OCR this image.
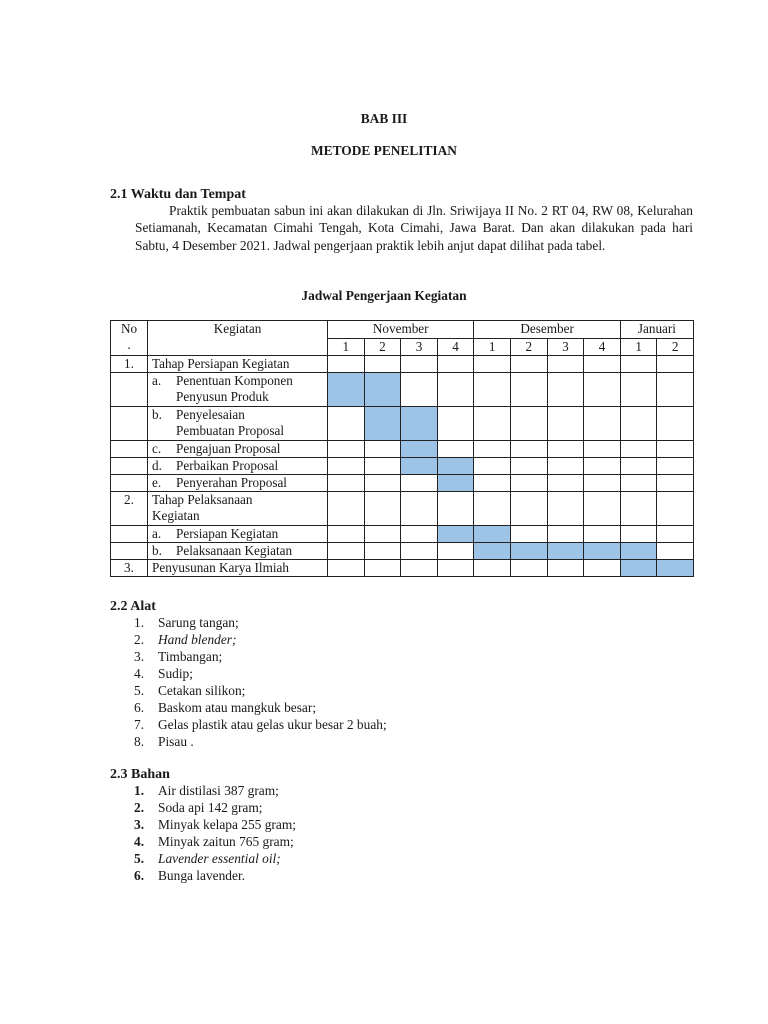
BAB III
METODE PENELITIAN
2.1 Waktu dan Tempat
Praktik pembuatan sabun ini akan dilakukan di Jln. Sriwijaya II No. 2 RT 04, RW 08, Kelurahan Setiamanah, Kecamatan Cimahi Tengah, Kota Cimahi, Jawa Barat. Dan akan dilakukan pada hari Sabtu, 4 Desember 2021. Jadwal pengerjaan praktik lebih anjut dapat dilihat pada tabel.
Jadwal Pengerjaan Kegiatan
No
.	Kegiatan	November				Desember				Januari	
		1	2	3	4	1	2	3	4	1	2
1.	Tahap Persiapan Kegiatan										

	a. Penentuan Komponen
Penyusun Produk										

	b. Penyelesaian
Pembuatan Proposal										

	c. Pengajuan Proposal										

	d. Perbaikan Proposal										

	e. Penyerahan Proposal										

2.	Tahap Pelaksanaan
Kegiatan										

	a. Persiapan Kegiatan										

	b. Pelaksanaan Kegiatan										

3.	Penyusunan Karya Ilmiah										

2.2 Alat
1.	Sarung tangan;
2.	Hand blender;
3.	Timbangan;
4.	Sudip;
5.	Cetakan silikon;
6.	Baskom atau mangkuk besar;
7.	Gelas plastik atau gelas ukur besar 2 buah;
8.	Pisau .
2.3 Bahan
1.	Air distilasi 387 gram;
2.	Soda api 142 gram;
3.	Minyak kelapa 255 gram;
4.	Minyak zaitun 765 gram;
5.	Lavender essential oil;
6.	Bunga lavender.
